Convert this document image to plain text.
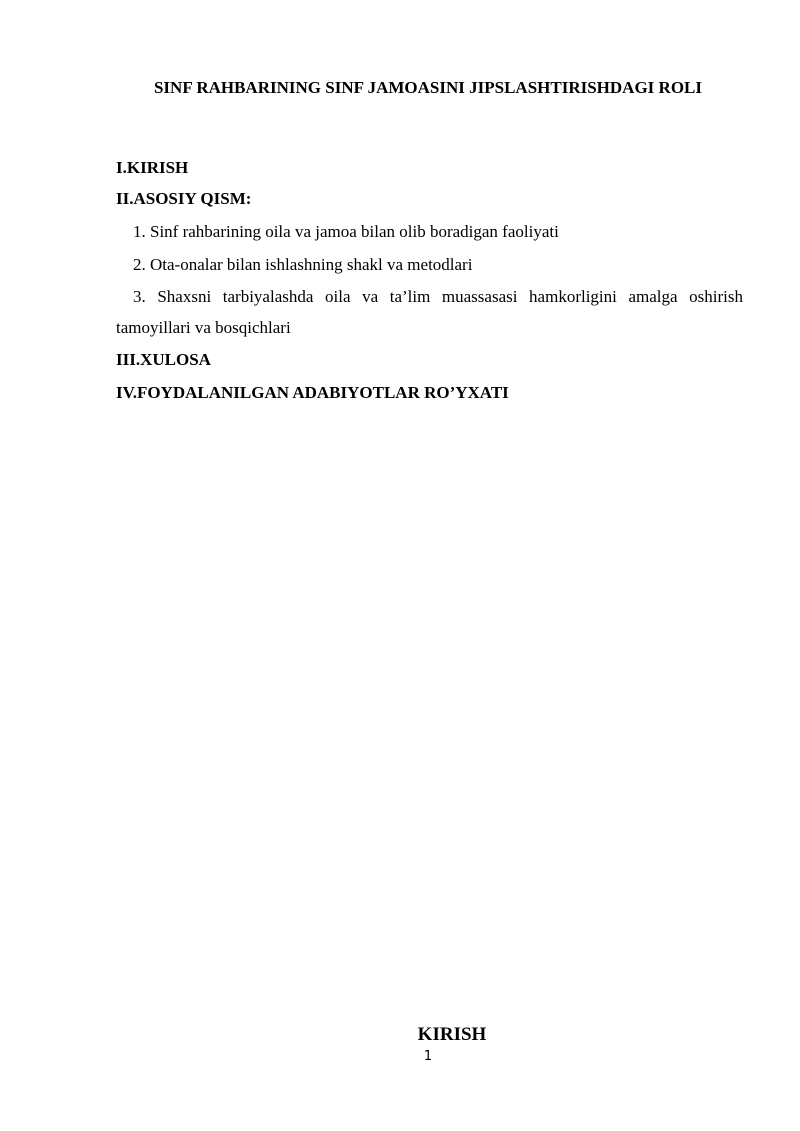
SINF RAHBARINING SINF JAMOASINI JIPSLASHTIRISHDAGI ROLI
I.KIRISH
II.ASOSIY QISM:
1. Sinf rahbarining oila va jamoa bilan olib boradigan faoliyati
2. Ota-onalar bilan ishlashning shakl va metodlari
3. Shaxsni tarbiyalashda oila va ta’lim muassasasi hamkorligini amalga oshirish
tamoyillari va bosqichlari
III.XULOSA
IV.FOYDALANILGAN ADABIYOTLAR RO’YXATI
KIRISH
1
